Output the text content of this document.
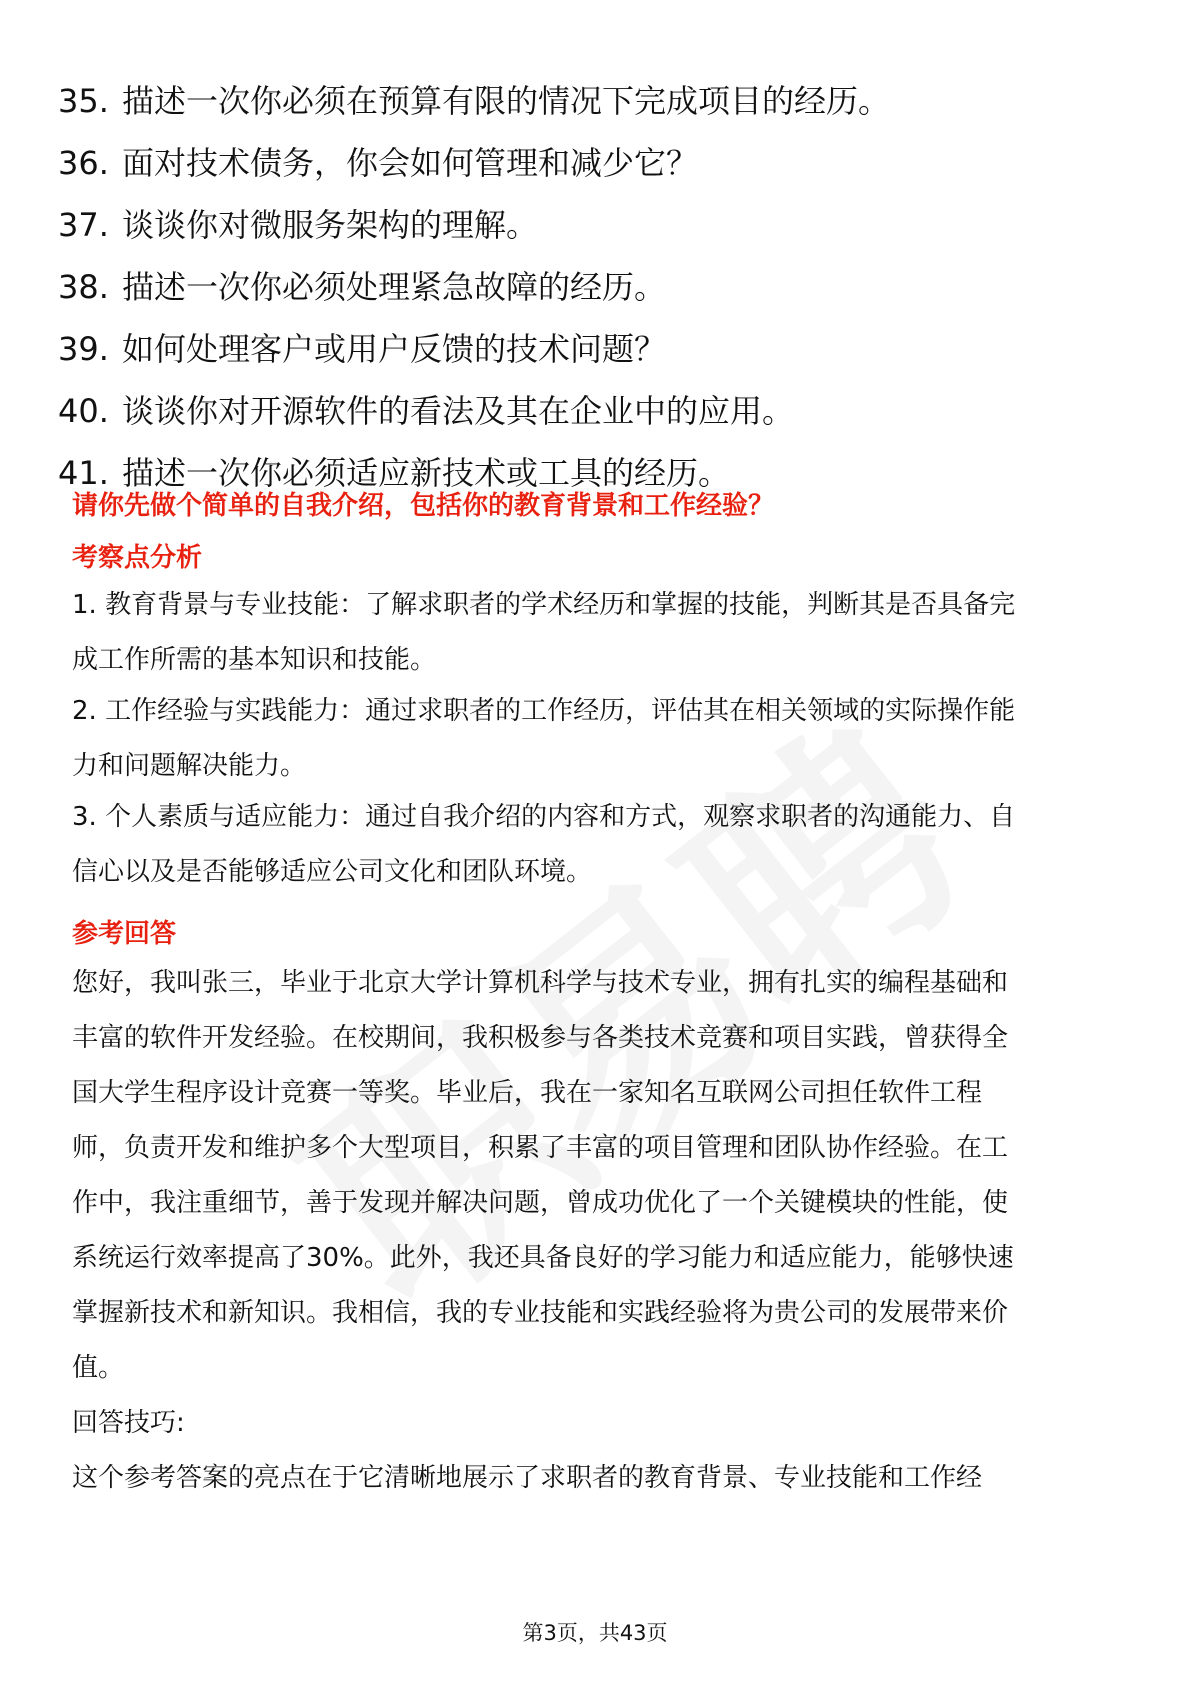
35. 描述一次你必须在预算有限的情况下完成项目的经历。
36. 面对技术债务，你会如何管理和减少它？
37. 谈谈你对微服务架构的理解。
38. 描述一次你必须处理紧急故障的经历。
39. 如何处理客户或用户反馈的技术问题？
40. 谈谈你对开源软件的看法及其在企业中的应用。
41. 描述一次你必须适应新技术或工具的经历。
请你先做个简单的自我介绍，包括你的教育背景和工作经验？
考察点分析
1. 教育背景与专业技能：了解求职者的学术经历和掌握的技能，判断其是否具备完
成工作所需的基本知识和技能。
2. 工作经验与实践能力：通过求职者的工作经历，评估其在相关领域的实际操作能
力和问题解决能力。
3. 个人素质与适应能力：通过自我介绍的内容和方式，观察求职者的沟通能力、自
信心以及是否能够适应公司文化和团队环境。
参考回答
您好，我叫张三，毕业于北京大学计算机科学与技术专业，拥有扎实的编程基础和
丰富的软件开发经验。在校期间，我积极参与各类技术竞赛和项目实践，曾获得全
国大学生程序设计竞赛一等奖。毕业后，我在一家知名互联网公司担任软件工程
师，负责开发和维护多个大型项目，积累了丰富的项目管理和团队协作经验。在工
作中，我注重细节，善于发现并解决问题，曾成功优化了一个关键模块的性能，使
系统运行效率提高了30%。此外，我还具备良好的学习能力和适应能力，能够快速
掌握新技术和新知识。我相信，我的专业技能和实践经验将为贵公司的发展带来价
值。
回答技巧:
这个参考答案的亮点在于它清晰地展示了求职者的教育背景、专业技能和工作经
第3页，共43页
